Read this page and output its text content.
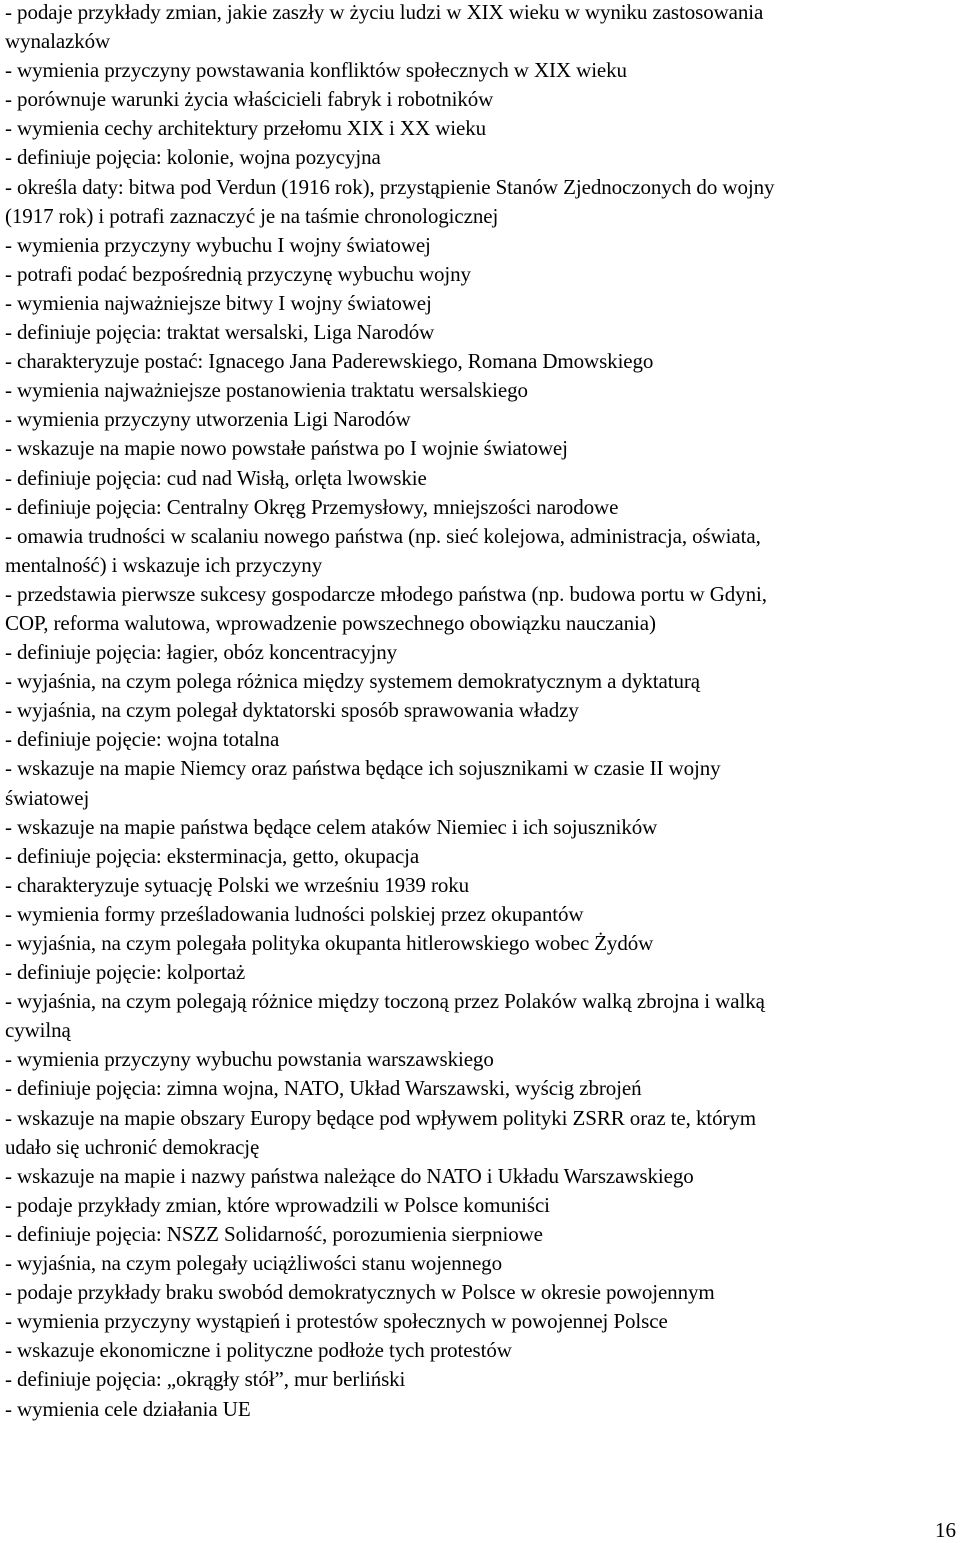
- podaje przykłady zmian, jakie zaszły w życiu ludzi w XIX wieku w wyniku zastosowania
wynalazków
- wymienia przyczyny powstawania konfliktów społecznych w XIX wieku
- porównuje warunki życia właścicieli fabryk i robotników
- wymienia cechy architektury przełomu XIX i XX wieku
- definiuje pojęcia: kolonie, wojna pozycyjna
- określa daty: bitwa pod Verdun (1916 rok), przystąpienie Stanów Zjednoczonych do wojny
(1917 rok) i potrafi zaznaczyć je na taśmie chronologicznej
- wymienia przyczyny wybuchu I wojny światowej
- potrafi podać bezpośrednią przyczynę wybuchu wojny
- wymienia najważniejsze bitwy I wojny światowej
- definiuje pojęcia: traktat wersalski, Liga Narodów
- charakteryzuje postać: Ignacego Jana Paderewskiego, Romana Dmowskiego
- wymienia najważniejsze postanowienia traktatu wersalskiego
- wymienia przyczyny utworzenia Ligi Narodów
- wskazuje na mapie nowo powstałe państwa po I wojnie światowej
- definiuje pojęcia: cud nad Wisłą, orlęta lwowskie
- definiuje pojęcia: Centralny Okręg Przemysłowy, mniejszości narodowe
- omawia trudności w scalaniu nowego państwa (np. sieć kolejowa, administracja, oświata,
mentalność) i wskazuje ich przyczyny
- przedstawia pierwsze sukcesy gospodarcze młodego państwa (np. budowa portu w Gdyni,
COP, reforma walutowa, wprowadzenie powszechnego obowiązku nauczania)
- definiuje pojęcia: łagier, obóz koncentracyjny
- wyjaśnia, na czym polega różnica między systemem demokratycznym a dyktaturą
- wyjaśnia, na czym polegał dyktatorski sposób sprawowania władzy
- definiuje pojęcie: wojna totalna
- wskazuje na mapie Niemcy oraz państwa będące ich sojusznikami w czasie II wojny
światowej
- wskazuje na mapie państwa będące celem ataków Niemiec i ich sojuszników
- definiuje pojęcia: eksterminacja, getto, okupacja
- charakteryzuje sytuację Polski we wrześniu 1939 roku
- wymienia formy prześladowania ludności polskiej przez okupantów
- wyjaśnia, na czym polegała polityka okupanta hitlerowskiego wobec Żydów
- definiuje pojęcie: kolportaż
- wyjaśnia, na czym polegają różnice między toczoną przez Polaków walką zbrojna i walką
cywilną
- wymienia przyczyny wybuchu powstania warszawskiego
- definiuje pojęcia: zimna wojna, NATO, Układ Warszawski, wyścig zbrojeń
- wskazuje na mapie obszary Europy będące pod wpływem polityki ZSRR oraz te, którym
udało się uchronić demokrację
- wskazuje na mapie i nazwy państwa należące do NATO i Układu Warszawskiego
- podaje przykłady zmian, które wprowadzili w Polsce komuniści
- definiuje pojęcia: NSZZ Solidarność, porozumienia sierpniowe
- wyjaśnia, na czym polegały uciążliwości stanu wojennego
- podaje przykłady braku swobód demokratycznych w Polsce w okresie powojennym
- wymienia przyczyny wystąpień i protestów społecznych w powojennej Polsce
- wskazuje ekonomiczne i polityczne podłoże tych protestów
- definiuje pojęcia: „okrągły stół”, mur berliński
- wymienia cele działania UE
16
